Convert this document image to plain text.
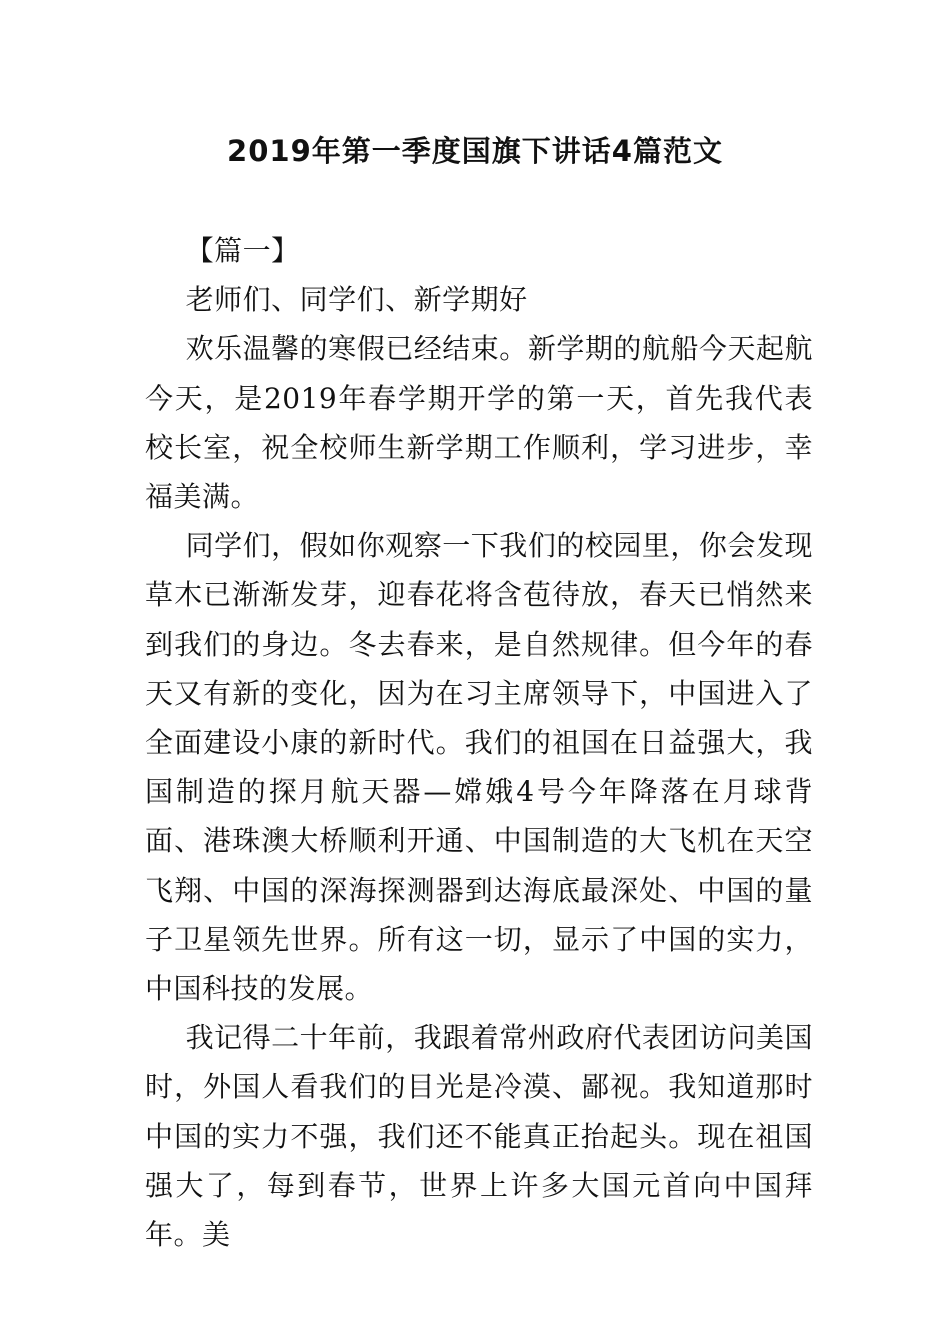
2019年第一季度国旗下讲话4篇范文

【篇一】

老师们、同学们、新学期好

欢乐温馨的寒假已经结束。新学期的航船今天起航今天，是2019年春学期开学的第一天，首先我代表校长室，祝全校师生新学期工作顺利，学习进步，幸福美满。

同学们，假如你观察一下我们的校园里，你会发现草木已渐渐发芽，迎春花将含苞待放，春天已悄然来到我们的身边。冬去春来，是自然规律。但今年的春天又有新的变化，因为在习主席领导下，中国进入了全面建设小康的新时代。我们的祖国在日益强大，我国制造的探月航天器—嫦娥4号今年降落在月球背面、港珠澳大桥顺利开通、中国制造的大飞机在天空飞翔、中国的深海探测器到达海底最深处、中国的量子卫星领先世界。所有这一切，显示了中国的实力，中国科技的发展。

我记得二十年前，我跟着常州政府代表团访问美国时，外国人看我们的目光是冷漠、鄙视。我知道那时中国的实力不强，我们还不能真正抬起头。现在祖国强大了，每到春节，世界上许多大国元首向中国拜年。美
